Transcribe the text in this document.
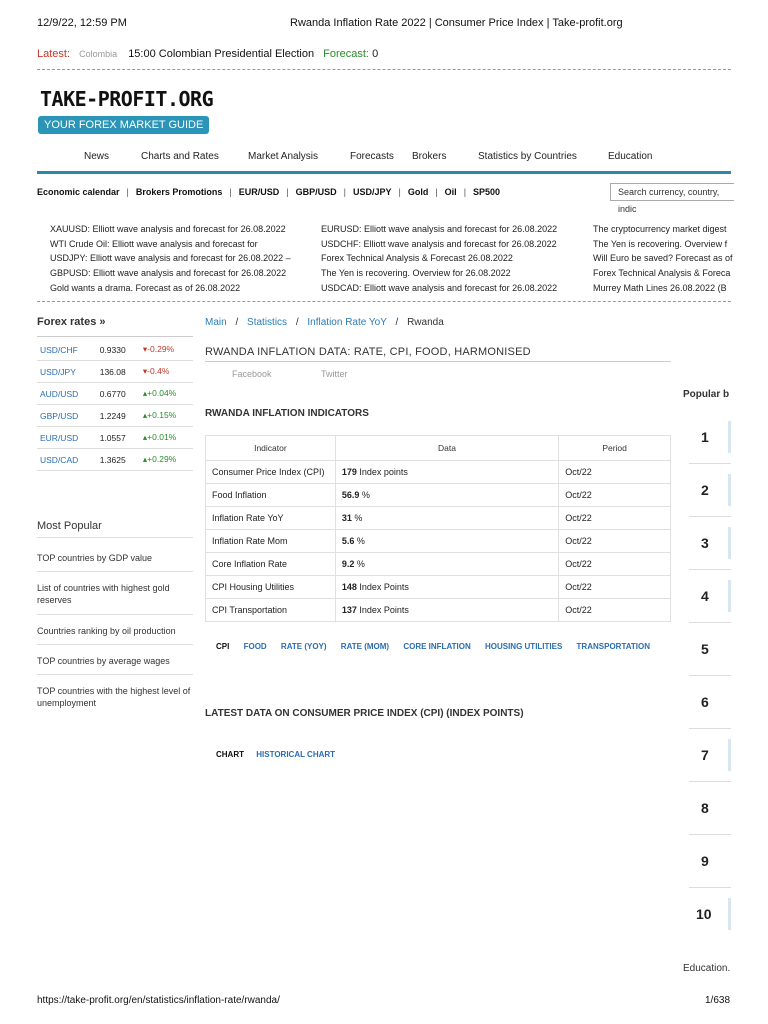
12/9/22, 12:59 PM	Rwanda Inflation Rate 2022 | Consumer Price Index | Take-profit.org
Latest: Colombia 15:00 Colombian Presidential Election Forecast: 0
TAKE-PROFIT.ORG
YOUR FOREX MARKET GUIDE
News	Charts and Rates	Market Analysis	Forecasts Brokers	Statistics by Countries	Education
Economic calendar | Brokers Promotions | EUR/USD | GBP/USD | USD/JPY | Gold | Oil | SP500	Search currency, country, indic
XAUUSD: Elliott wave analysis and forecast for 26.08.2022
WTI Crude Oil: Elliott wave analysis and forecast for
USDJPY: Elliott wave analysis and forecast for 26.08.2022 –
GBPUSD: Elliott wave analysis and forecast for 26.08.2022
Gold wants a drama. Forecast as of 26.08.2022
EURUSD: Elliott wave analysis and forecast for 26.08.2022
USDCHF: Elliott wave analysis and forecast for 26.08.2022
Forex Technical Analysis & Forecast 26.08.2022
The Yen is recovering. Overview for 26.08.2022
USDCAD: Elliott wave analysis and forecast for 26.08.2022
The cryptocurrency market digest
The Yen is recovering. Overview f
Will Euro be saved? Forecast as of
Forex Technical Analysis & Foreca
Murrey Math Lines 26.08.2022 (B
Forex rates »
USD/CHF	0.9330	▾-0.29%
USD/JPY	136.08	▾-0.4%
AUD/USD	0.6770	▴+0.04%
GBP/USD	1.2249	▴+0.15%
EUR/USD	1.0557	▴+0.01%
USD/CAD	1.3625	▴+0.29%
Most Popular
TOP countries by GDP value
List of countries with highest gold reserves
Countries ranking by oil production
TOP countries by average wages
TOP countries with the highest level of unemployment
Main / Statistics / Inflation Rate YoY / Rwanda
RWANDA INFLATION DATA: RATE, CPI, FOOD, HARMONISED
Facebook	Twitter
RWANDA INFLATION INDICATORS
Indicator	Data	Period
Consumer Price Index (CPI)	179 Index points	Oct/22
Food Inflation	56.9 %	Oct/22
Inflation Rate YoY	31 %	Oct/22
Inflation Rate Mom	5.6 %	Oct/22
Core Inflation Rate	9.2 %	Oct/22
CPI Housing Utilities	148 Index Points	Oct/22
CPI Transportation	137 Index Points	Oct/22
CPI FOOD RATE (YOY) RATE (MOM) CORE INFLATION HOUSING UTILITIES TRANSPORTATION
LATEST DATA ON CONSUMER PRICE INDEX (CPI) (INDEX POINTS)
CHART HISTORICAL CHART
Popular b
1
2
3
4
5
6
7
8
9
10
Education.
https://take-profit.org/en/statistics/inflation-rate/rwanda/	1/638
